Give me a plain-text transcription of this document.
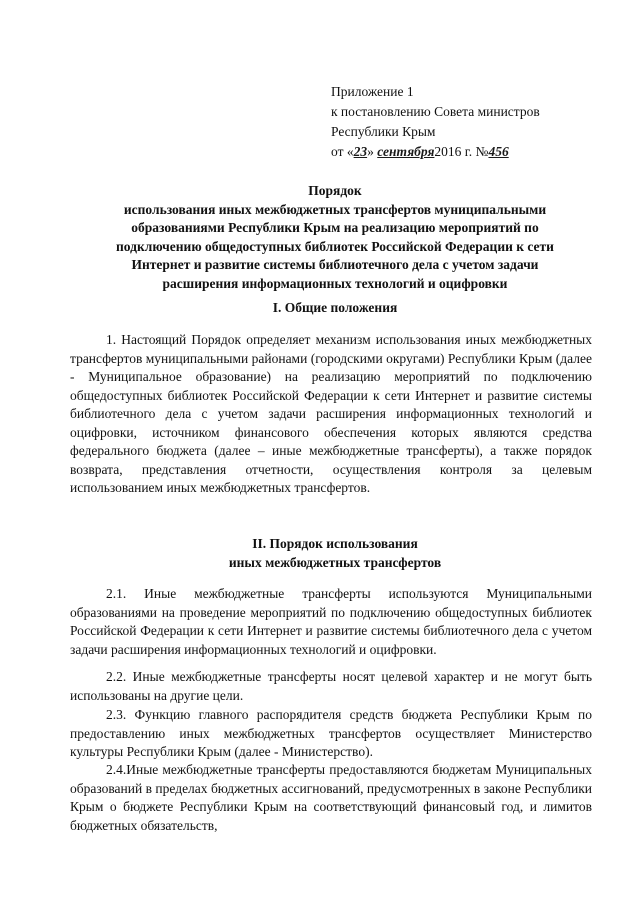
Приложение 1
к постановлению Совета министров
Республики Крым
от «23» сентября2016 г. №456
Порядок
использования иных межбюджетных трансфертов муниципальными
образованиями Республики Крым на реализацию мероприятий по
подключению общедоступных библиотек Российской Федерации к сети
Интернет и развитие системы библиотечного дела с учетом задачи
расширения информационных технологий и оцифровки
I. Общие положения

1. Настоящий Порядок определяет механизм использования иных межбюджетных трансфертов муниципальными районами (городскими округами) Республики Крым (далее - Муниципальное образование) на реализацию мероприятий по подключению общедоступных библиотек Российской Федерации к сети Интернет и развитие системы библиотечного дела с учетом задачи расширения информационных технологий и оцифровки, источником финансового обеспечения которых являются средства федерального бюджета (далее – иные межбюджетные трансферты), а также порядок возврата, представления отчетности, осуществления контроля за целевым использованием иных межбюджетных трансфертов.

II. Порядок использования
иных межбюджетных трансфертов

2.1. Иные межбюджетные трансферты используются Муниципальными образованиями на проведение мероприятий по подключению общедоступных библиотек Российской Федерации к сети Интернет и развитие системы библиотечного дела с учетом задачи расширения информационных технологий и оцифровки.

2.2. Иные межбюджетные трансферты носят целевой характер и не могут быть использованы на другие цели.

2.3. Функцию главного распорядителя средств бюджета Республики Крым по предоставлению иных межбюджетных трансфертов осуществляет Министерство культуры Республики Крым (далее - Министерство).

2.4.Иные межбюджетные трансферты предоставляются бюджетам Муниципальных образований в пределах бюджетных ассигнований, предусмотренных в законе Республики Крым о бюджете Республики Крым на соответствующий финансовый год, и лимитов бюджетных обязательств,
